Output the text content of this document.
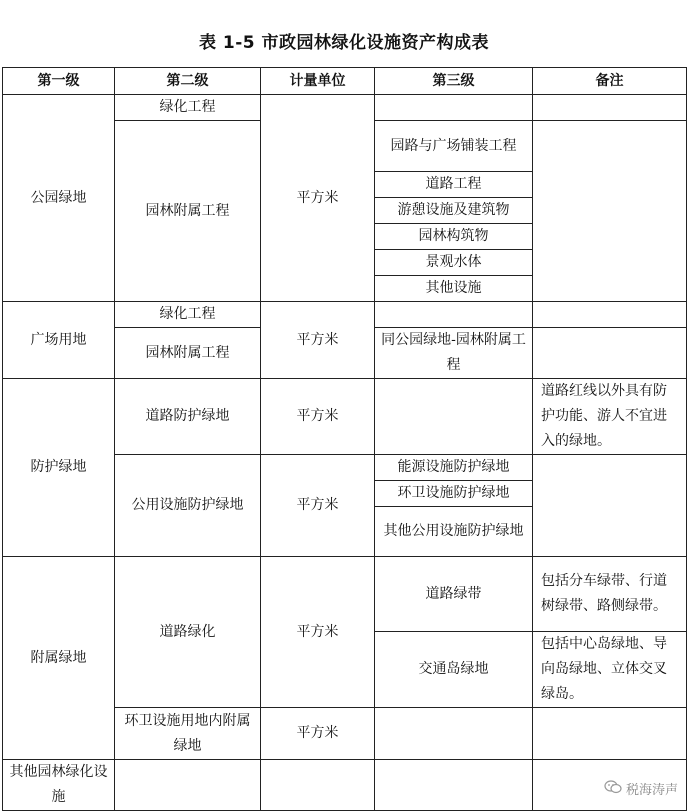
表 1-5 市政园林绿化设施资产构成表
第一级	第二级	计量单位	第三级	备注
公园绿地	绿化工程	平方米		
	园林附属工程		园路与广场铺装工程	

			道路工程	
			游憩设施及建筑物	
			园林构筑物	
			景观水体	
			其他设施	
广场用地	绿化工程	平方米		
	园林附属工程		同公园绿地-园林附属工程	

防护绿地	道路防护绿地	平方米		道路红线以外具有防护功能、游人不宜进入的绿地。
	公用设施防护绿地	平方米	能源设施防护绿地	
			环卫设施防护绿地	
			其他公用设施防护绿地	
附属绿地	道路绿化	平方米	道路绿带	包括分车绿带、行道树绿带、路侧绿带。
			交通岛绿地	包括中心岛绿地、导向岛绿地、立体交叉绿岛。
	环卫设施用地内附属绿地	平方米		
其他园林绿化设施					税海涛声
